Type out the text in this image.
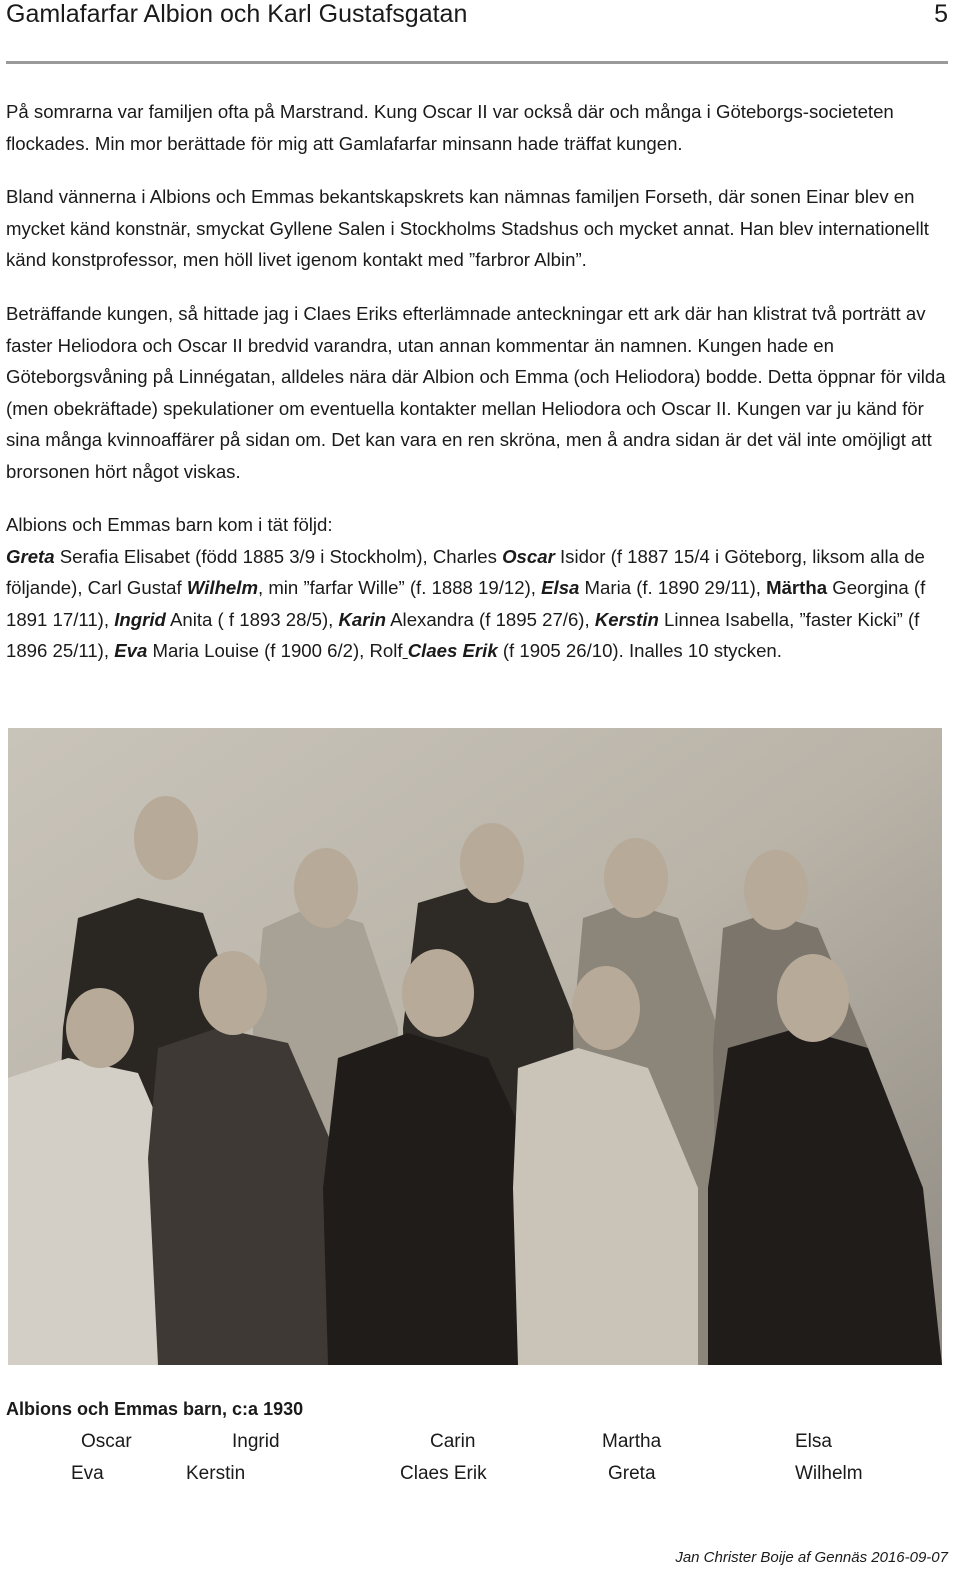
Gamlafarfar Albion och Karl Gustafsgatan	5

På somrarna var familjen ofta på Marstrand. Kung Oscar II var också där och många i Göteborgs-societeten flockades. Min mor berättade för mig att Gamlafarfar minsann hade träffat kungen.

Bland vännerna i Albions och Emmas bekantskapskrets kan nämnas familjen Forseth, där sonen Einar blev en mycket känd konstnär, smyckat Gyllene Salen i Stockholms Stadshus och mycket annat. Han blev internationellt känd konstprofessor, men höll livet igenom kontakt med ”farbror Albin”.

Beträffande kungen, så hittade jag i Claes Eriks efterlämnade anteckningar ett ark där han klistrat två porträtt av faster Heliodora och Oscar II bredvid varandra, utan annan kommentar än namnen. Kungen hade en Göteborgsvåning på Linnégatan, alldeles nära där Albion och Emma (och Heliodora) bodde. Detta öppnar för vilda (men obekräftade) spekulationer om eventuella kontakter mellan Heliodora och Oscar II. Kungen var ju känd för sina många kvinnoaffärer på sidan om. Det kan vara en ren skröna, men å andra sidan är det väl inte omöjligt att brorsonen hört något viskas.

Albions och Emmas barn kom i tät följd:

Greta Serafia Elisabet (född 1885 3/9 i Stockholm), Charles Oscar Isidor (f 1887 15/4 i Göteborg, liksom alla de följande), Carl Gustaf Wilhelm, min ”farfar Wille” (f. 1888 19/12), Elsa Maria (f. 1890 29/11), Märtha Georgina (f 1891 17/11), Ingrid Anita ( f 1893 28/5), Karin Alexandra (f 1895 27/6), Kerstin Linnea Isabella, ”faster Kicki” (f 1896 25/11), Eva Maria Louise (f 1900 6/2), Rolf Claes Erik (f 1905 26/10). Inalles 10 stycken.

Albions och Emmas barn, c:a 1930
Oscar	Ingrid	Carin	Martha	Elsa
Eva	Kerstin	Claes Erik	Greta	Wilhelm
Jan Christer Boije af Gennäs 2016-09-07
